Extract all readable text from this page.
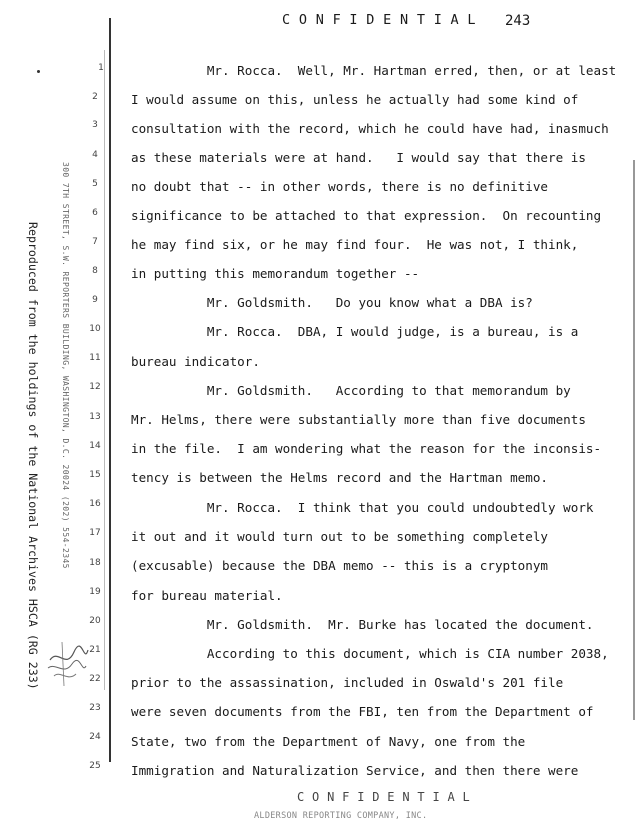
C O N F I D E N T I A L 243
Reproduced from the holdings of the National Archives HSCA (RG 233)	300 7TH STREET, S.W. REPORTERS BUILDING, WASHINGTON, D.C. 20024 (202) 554-2345
1
2
3
4
5
6
7
8
9
10
11
12
13
14
15
16
17
18
19
20
21
22
23
24
25
Mr. Rocca.  Well, Mr. Hartman erred, then, or at least
I would assume on this, unless he actually had some kind of
consultation with the record, which he could have had, inasmuch
as these materials were at hand.   I would say that there is
no doubt that -- in other words, there is no definitive
significance to be attached to that expression.  On recounting
he may find six, or he may find four.  He was not, I think,
in putting this memorandum together --
Mr. Goldsmith.   Do you know what a DBA is?
Mr. Rocca.  DBA, I would judge, is a bureau, is a
bureau indicator.
Mr. Goldsmith.   According to that memorandum by
Mr. Helms, there were substantially more than five documents
in the file.  I am wondering what the reason for the inconsis-
tency is between the Helms record and the Hartman memo.
Mr. Rocca.  I think that you could undoubtedly work
it out and it would turn out to be something completely
(excusable) because the DBA memo -- this is a cryptonym
for bureau material.
Mr. Goldsmith.  Mr. Burke has located the document.
According to this document, which is CIA number 2038,
prior to the assassination, included in Oswald's 201 file
were seven documents from the FBI, ten from the Department of
State, two from the Department of Navy, one from the
Immigration and Naturalization Service, and then there were
C O N F I D E N T I A L
ALDERSON REPORTING COMPANY, INC.
